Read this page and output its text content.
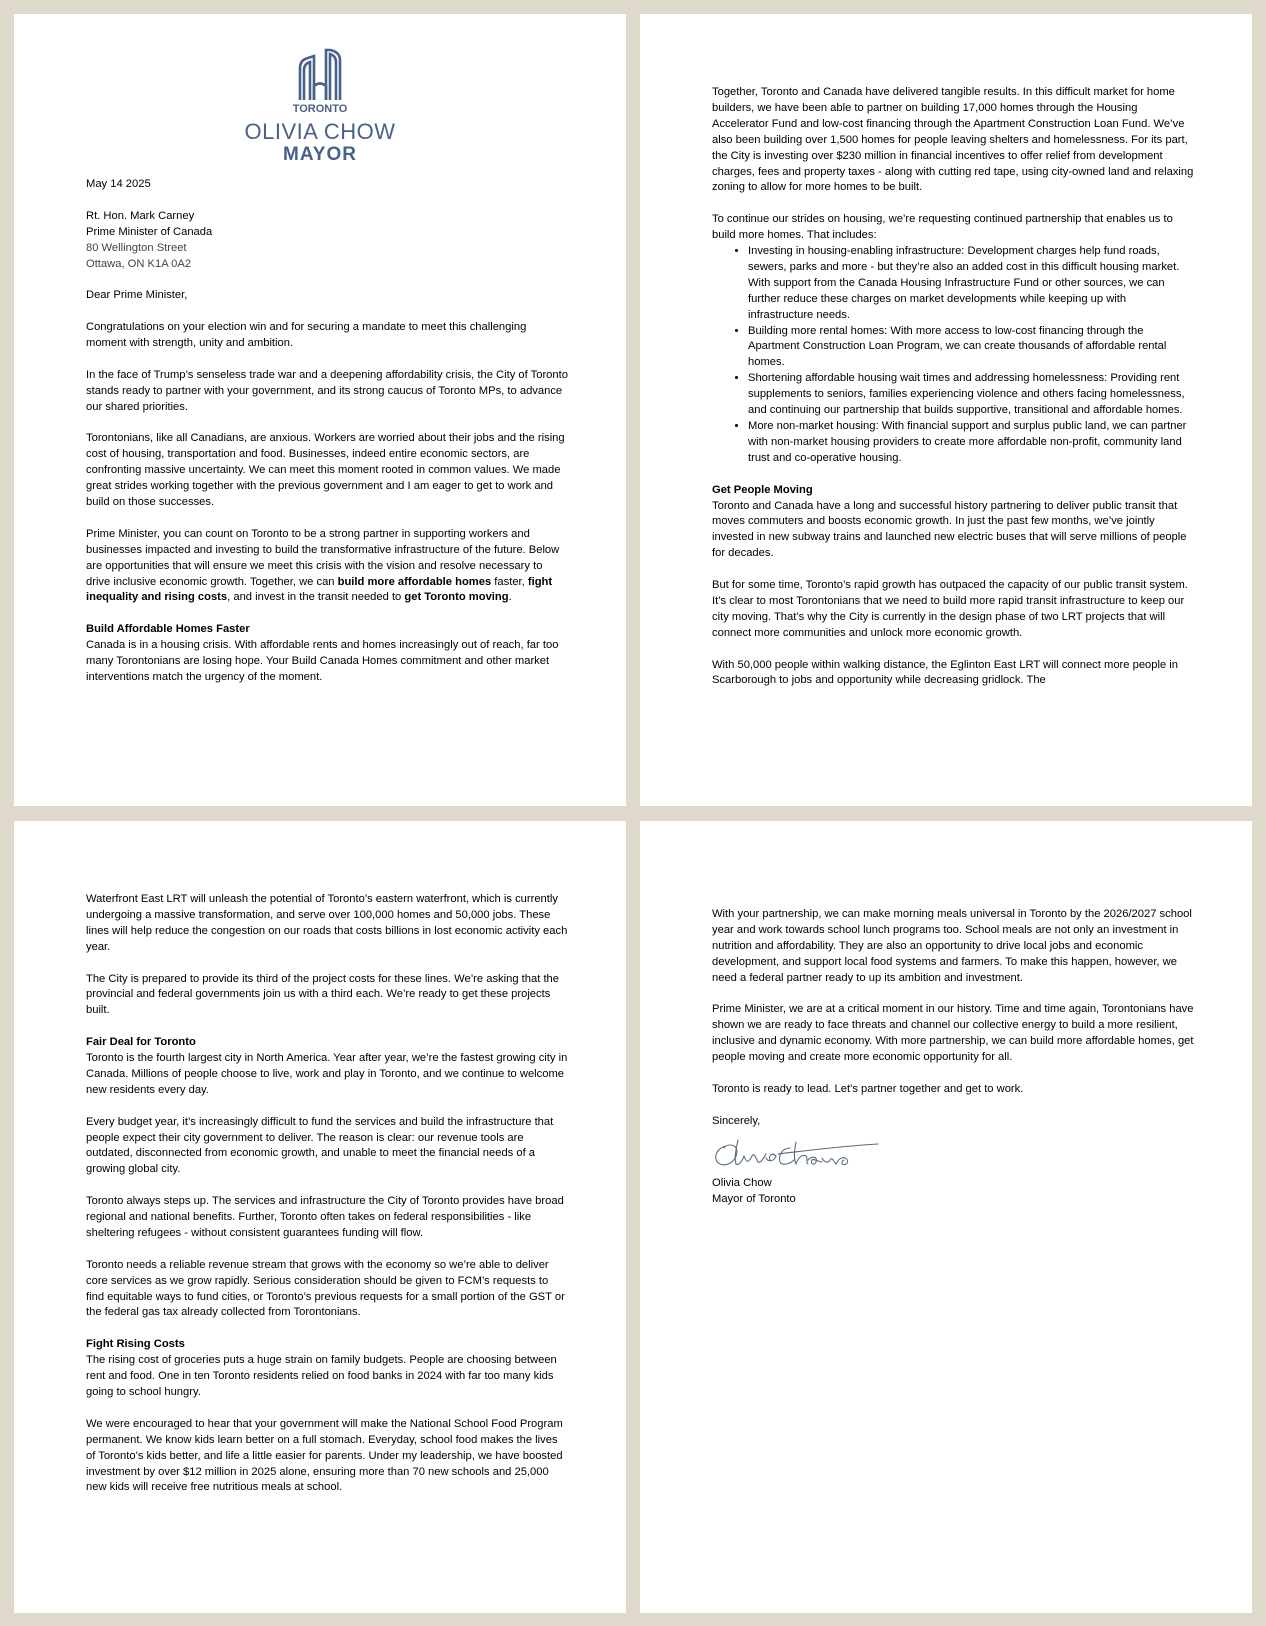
TORONTO
OLIVIA CHOW
MAYOR

May 14 2025

Rt. Hon. Mark Carney
Prime Minister of Canada
80 Wellington Street
Ottawa, ON K1A 0A2

Dear Prime Minister,

Congratulations on your election win and for securing a mandate to meet this challenging moment with strength, unity and ambition.

In the face of Trump’s senseless trade war and a deepening affordability crisis, the City of Toronto stands ready to partner with your government, and its strong caucus of Toronto MPs, to advance our shared priorities.

Torontonians, like all Canadians, are anxious. Workers are worried about their jobs and the rising cost of housing, transportation and food. Businesses, indeed entire economic sectors, are confronting massive uncertainty. We can meet this moment rooted in common values. We made great strides working together with the previous government and I am eager to get to work and build on those successes.

Prime Minister, you can count on Toronto to be a strong partner in supporting workers and businesses impacted and investing to build the transformative infrastructure of the future. Below are opportunities that will ensure we meet this crisis with the vision and resolve necessary to drive inclusive economic growth. Together, we can build more affordable homes faster, fight inequality and rising costs, and invest in the transit needed to get Toronto moving.

Build Affordable Homes Faster
Canada is in a housing crisis. With affordable rents and homes increasingly out of reach, far too many Torontonians are losing hope. Your Build Canada Homes commitment and other market interventions match the urgency of the moment.

Together, Toronto and Canada have delivered tangible results. In this difficult market for home builders, we have been able to partner on building 17,000 homes through the Housing Accelerator Fund and low-cost financing through the Apartment Construction Loan Fund. We’ve also been building over 1,500 homes for people leaving shelters and homelessness. For its part, the City is investing over $230 million in financial incentives to offer relief from development charges, fees and property taxes - along with cutting red tape, using city-owned land and relaxing zoning to allow for more homes to be built.

To continue our strides on housing, we’re requesting continued partnership that enables us to build more homes. That includes:

• Investing in housing-enabling infrastructure: Development charges help fund roads, sewers, parks and more - but they’re also an added cost in this difficult housing market. With support from the Canada Housing Infrastructure Fund or other sources, we can further reduce these charges on market developments while keeping up with infrastructure needs.
• Building more rental homes: With more access to low-cost financing through the Apartment Construction Loan Program, we can create thousands of affordable rental homes.
• Shortening affordable housing wait times and addressing homelessness: Providing rent supplements to seniors, families experiencing violence and others facing homelessness, and continuing our partnership that builds supportive, transitional and affordable homes.
• More non-market housing: With financial support and surplus public land, we can partner with non-market housing providers to create more affordable non-profit, community land trust and co-operative housing.

Get People Moving
Toronto and Canada have a long and successful history partnering to deliver public transit that moves commuters and boosts economic growth. In just the past few months, we’ve jointly invested in new subway trains and launched new electric buses that will serve millions of people for decades.

But for some time, Toronto’s rapid growth has outpaced the capacity of our public transit system. It’s clear to most Torontonians that we need to build more rapid transit infrastructure to keep our city moving. That’s why the City is currently in the design phase of two LRT projects that will connect more communities and unlock more economic growth.

With 50,000 people within walking distance, the Eglinton East LRT will connect more people in Scarborough to jobs and opportunity while decreasing gridlock. The

Waterfront East LRT will unleash the potential of Toronto’s eastern waterfront, which is currently undergoing a massive transformation, and serve over 100,000 homes and 50,000 jobs. These lines will help reduce the congestion on our roads that costs billions in lost economic activity each year.

The City is prepared to provide its third of the project costs for these lines. We’re asking that the provincial and federal governments join us with a third each. We’re ready to get these projects built.

Fair Deal for Toronto
Toronto is the fourth largest city in North America. Year after year, we’re the fastest growing city in Canada. Millions of people choose to live, work and play in Toronto, and we continue to welcome new residents every day.

Every budget year, it’s increasingly difficult to fund the services and build the infrastructure that people expect their city government to deliver. The reason is clear: our revenue tools are outdated, disconnected from economic growth, and unable to meet the financial needs of a growing global city.

Toronto always steps up. The services and infrastructure the City of Toronto provides have broad regional and national benefits. Further, Toronto often takes on federal responsibilities - like sheltering refugees - without consistent guarantees funding will flow.

Toronto needs a reliable revenue stream that grows with the economy so we’re able to deliver core services as we grow rapidly. Serious consideration should be given to FCM’s requests to find equitable ways to fund cities, or Toronto’s previous requests for a small portion of the GST or the federal gas tax already collected from Torontonians.

Fight Rising Costs
The rising cost of groceries puts a huge strain on family budgets. People are choosing between rent and food. One in ten Toronto residents relied on food banks in 2024 with far too many kids going to school hungry.

We were encouraged to hear that your government will make the National School Food Program permanent. We know kids learn better on a full stomach. Everyday, school food makes the lives of Toronto’s kids better, and life a little easier for parents. Under my leadership, we have boosted investment by over $12 million in 2025 alone, ensuring more than 70 new schools and 25,000 new kids will receive free nutritious meals at school.

With your partnership, we can make morning meals universal in Toronto by the 2026/2027 school year and work towards school lunch programs too. School meals are not only an investment in nutrition and affordability. They are also an opportunity to drive local jobs and economic development, and support local food systems and farmers. To make this happen, however, we need a federal partner ready to up its ambition and investment.

Prime Minister, we are at a critical moment in our history. Time and time again, Torontonians have shown we are ready to face threats and channel our collective energy to build a more resilient, inclusive and dynamic economy. With more partnership, we can build more affordable homes, get people moving and create more economic opportunity for all.

Toronto is ready to lead. Let’s partner together and get to work.

Sincerely,

Olivia Chow

Mayor of Toronto
